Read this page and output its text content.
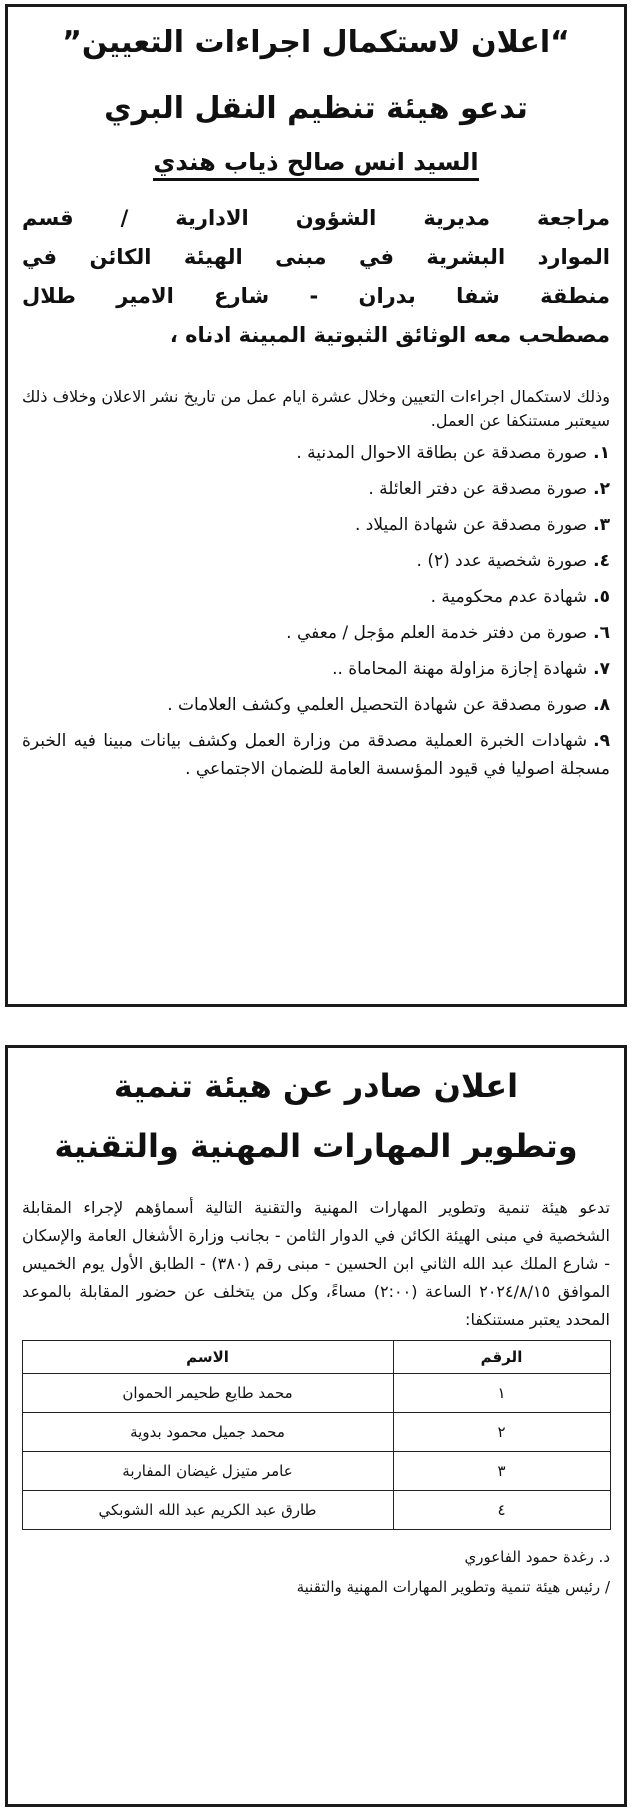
“اعلان لاستكمال اجراءات التعيين”
تدعو هيئة تنظيم النقل البري
السيد انس صالح ذياب هندي
مراجعة مديرية الشؤون الادارية / قسم
الموارد البشرية في مبنى الهيئة الكائن في
منطقة شفا بدران - شارع الامير طلال
مصطحب معه الوثائق الثبوتية المبينة ادناه ،
وذلك لاستكمال اجراءات التعيين وخلال عشرة ايام عمل من تاريخ نشر الاعلان وخلاف ذلك سيعتبر مستنكفا عن العمل.
١.صورة مصدقة عن بطاقة الاحوال المدنية .
٢.صورة مصدقة عن دفتر العائلة .
٣.صورة مصدقة عن شهادة الميلاد .
٤.صورة شخصية عدد (٢) .
٥.شهادة عدم محكومية .
٦.صورة من دفتر خدمة العلم مؤجل / معفي .
٧.شهادة إجازة مزاولة مهنة المحاماة ..
٨.صورة مصدقة عن شهادة التحصيل العلمي وكشف العلامات .
٩.شهادات الخبرة العملية مصدقة من وزارة العمل وكشف بيانات مبينا فيه الخبرة مسجلة اصوليا في قيود المؤسسة العامة للضمان الاجتماعي .
اعلان صادر عن هيئة تنمية
وتطوير المهارات المهنية والتقنية
تدعو هيئة تنمية وتطوير المهارات المهنية والتقنية التالية أسماؤهم لإجراء المقابلة الشخصية في مبنى الهيئة الكائن في الدوار الثامن - بجانب وزارة الأشغال العامة والإسكان - شارع الملك عبد الله الثاني ابن الحسين - مبنى رقم (٣٨٠) - الطابق الأول يوم الخميس الموافق ٢٠٢٤/٨/١٥ الساعة (٢:٠٠) مساءً، وكل من يتخلف عن حضور المقابلة بالموعد المحدد يعتبر مستنكفا:
الرقم	الاسم
١	محمد طايع طحيمر الحموان
٢	محمد جميل محمود بدوية
٣	عامر متيزل غيضان المفاربة
٤	طارق عبد الكريم عبد الله الشوبكي
د. رغدة حمود الفاعوري
/ رئيس هيئة تنمية وتطوير المهارات المهنية والتقنية
